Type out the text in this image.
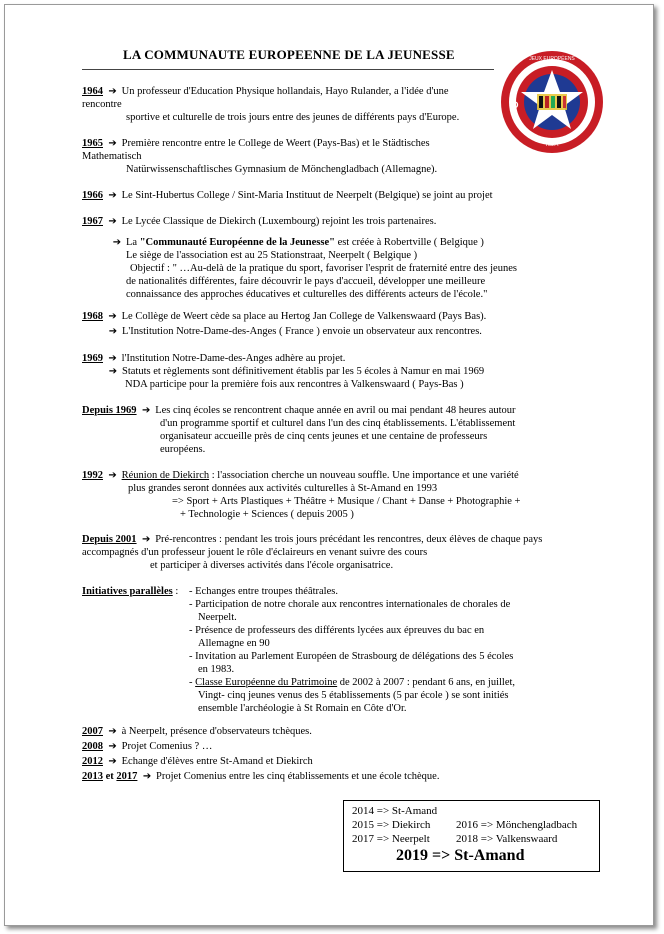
LA COMMUNAUTE EUROPEENNE DE LA JEUNESSE	JEUX EUROPÉENS
D
NDA
W
1964 ➔ Un professeur d'Education Physique hollandais, Hayo Rulander, a l'idée d'une
rencontre
sportive et culturelle de trois jours entre des jeunes de différents pays d'Europe.
1965 ➔ Première rencontre entre le College de Weert (Pays-Bas) et le Städtisches
Mathematisch
Natürwissenschaftlisches Gymnasium de Mönchengladbach (Allemagne).
1966 ➔ Le Sint-Hubertus College / Sint-Maria Instituut de Neerpelt (Belgique) se joint au projet
1967 ➔ Le Lycée Classique de Diekirch (Luxembourg) rejoint les trois partenaires.
➔ La "Communauté Européenne de la Jeunesse" est créée à Robertville ( Belgique )
Le siège de l'association est au 25 Stationstraat, Neerpelt ( Belgique )
Objectif : " …Au-delà de la pratique du sport, favoriser l'esprit de fraternité entre des jeunes
de nationalités différentes, faire découvrir le pays d'accueil, développer une meilleure
connaissance des approches éducatives et culturelles des différents acteurs de l'école."
1968 ➔ Le Collège de Weert cède sa place au Hertog Jan College de Valkenswaard (Pays Bas).
➔ L'Institution Notre-Dame-des-Anges ( France ) envoie un observateur aux rencontres.
1969 ➔ l'Institution Notre-Dame-des-Anges adhère au projet.
➔ Statuts et règlements sont définitivement établis par les 5 écoles à Namur en mai 1969
NDA participe pour la première fois aux rencontres à Valkenswaard ( Pays-Bas )
Depuis 1969 ➔ Les cinq écoles se rencontrent chaque année en avril ou mai pendant 48 heures autour
d'un programme sportif et culturel dans l'un des cinq établissements. L'établissement
organisateur accueille près de cinq cents jeunes et une centaine de professeurs
européens.
1992 ➔ Réunion de Diekirch : l'association cherche un nouveau souffle. Une importance et une variété
plus grandes seront données aux activités culturelles à St-Amand en 1993
=> Sport + Arts Plastiques + Théâtre + Musique / Chant + Danse + Photographie +
+ Technologie + Sciences ( depuis 2005 )
Depuis 2001 ➔ Pré-rencontres : pendant les trois jours précédant les rencontres, deux élèves de chaque pays
accompagnés d'un professeur jouent le rôle d'éclaireurs en venant suivre des cours
et participer à diverses activités dans l'école organisatrice.
Initiatives parallèles : - Echanges entre troupes théâtrales.
- Participation de notre chorale aux rencontres internationales de chorales de
Neerpelt.
- Présence de professeurs des différents lycées aux épreuves du bac en
Allemagne en 90
- Invitation au Parlement Européen de Strasbourg de délégations des 5 écoles
en 1983.
- Classe Européenne du Patrimoine de 2002 à 2007 : pendant 6 ans, en juillet,
Vingt- cinq jeunes venus des 5 établissements (5 par école ) se sont initiés
ensemble l'archéologie à St Romain en Côte d'Or.
2007 ➔ à Neerpelt, présence d'observateurs tchèques.
2008 ➔ Projet Comenius ? …
2012 ➔ Echange d'élèves entre St-Amand et Diekirch
2013 et 2017 ➔ Projet Comenius entre les cinq établissements et une école tchèque.
2014 => St-Amand
2015 => Diekirch 2016 => Mönchengladbach
2017 => Neerpelt 2018 => Valkenswaard
2019 => St-Amand
